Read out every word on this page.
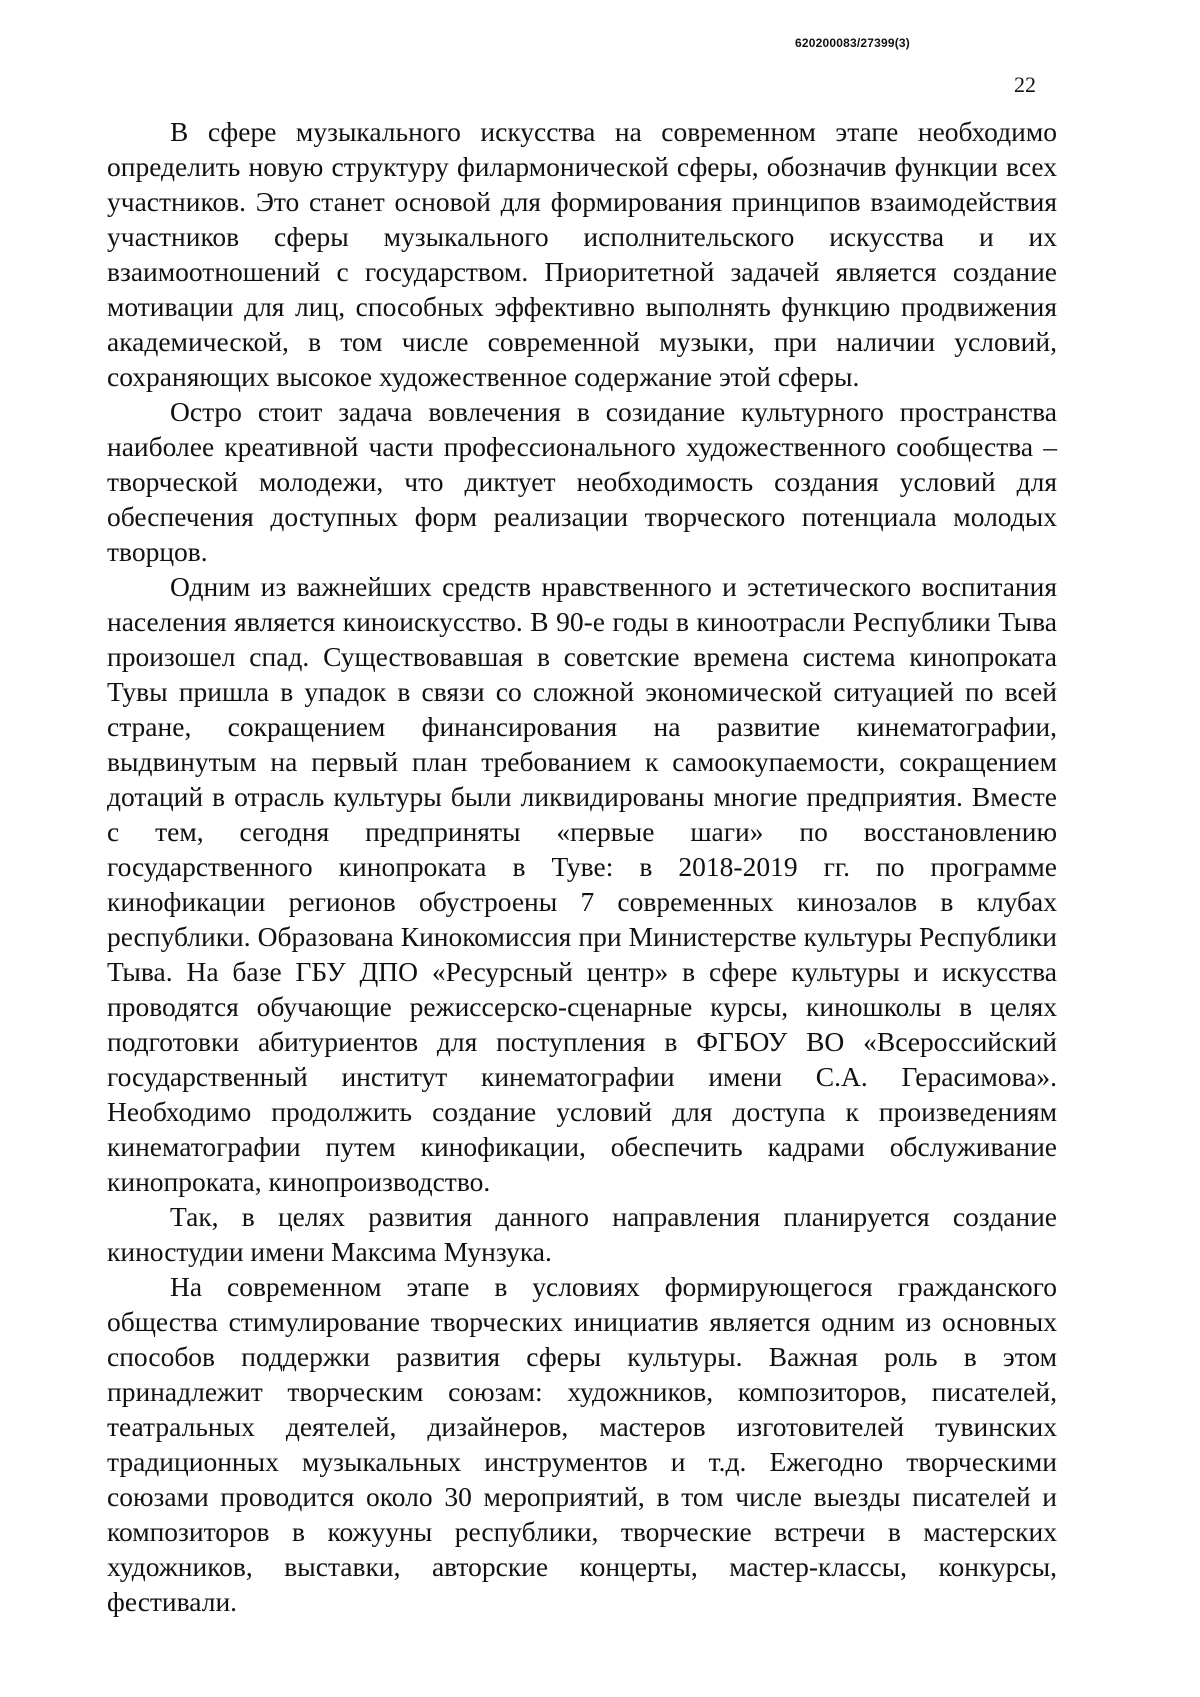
620200083/27399(3)
22

В сфере музыкального искусства на современном этапе необходимо определить новую структуру филармонической сферы, обозначив функции всех участников. Это станет основой для формирования принципов взаимодействия участников сферы музыкального исполнительского искусства и их взаимоотношений с государством. Приоритетной задачей является создание мотивации для лиц, способных эффективно выполнять функцию продвижения академической, в том числе современной музыки, при наличии условий, сохраняющих высокое художественное содержание этой сферы.

Остро стоит задача вовлечения в созидание культурного пространства наиболее креативной части профессионального художественного сообщества – творческой молодежи, что диктует необходимость создания условий для обеспечения доступных форм реализации творческого потенциала молодых творцов.

Одним из важнейших средств нравственного и эстетического воспитания населения является киноискусство. В 90-е годы в киноотрасли Республики Тыва произошел спад. Существовавшая в советские времена система кинопроката Тувы пришла в упадок в связи со сложной экономической ситуацией по всей стране, сокращением финансирования на развитие кинематографии, выдвинутым на первый план требованием к самоокупаемости, сокращением дотаций в отрасль культуры были ликвидированы многие предприятия. Вместе с тем, сегодня предприняты «первые шаги» по восстановлению государственного кинопроката в Туве: в 2018-2019 гг. по программе кинофикации регионов обустроены 7 современных кинозалов в клубах республики. Образована Кинокомиссия при Министерстве культуры Республики Тыва. На базе ГБУ ДПО «Ресурсный центр» в сфере культуры и искусства проводятся обучающие режиссерско-сценарные курсы, киношколы в целях подготовки абитуриентов для поступления в ФГБОУ ВО «Всероссийский государственный институт кинематографии имени С.А. Герасимова». Необходимо продолжить создание условий для доступа к произведениям кинематографии путем кинофикации, обеспечить кадрами обслуживание кинопроката, кинопроизводство.

Так, в целях развития данного направления планируется создание киностудии имени Максима Мунзука.

На современном этапе в условиях формирующегося гражданского общества стимулирование творческих инициатив является одним из основных способов поддержки развития сферы культуры. Важная роль в этом принадлежит творческим союзам: художников, композиторов, писателей, театральных деятелей, дизайнеров, мастеров изготовителей тувинских традиционных музыкальных инструментов и т.д. Ежегодно творческими союзами проводится около 30 мероприятий, в том числе выезды писателей и композиторов в кожууны республики, творческие встречи в мастерских художников, выставки, авторские концерты, мастер-классы, конкурсы, фестивали.
